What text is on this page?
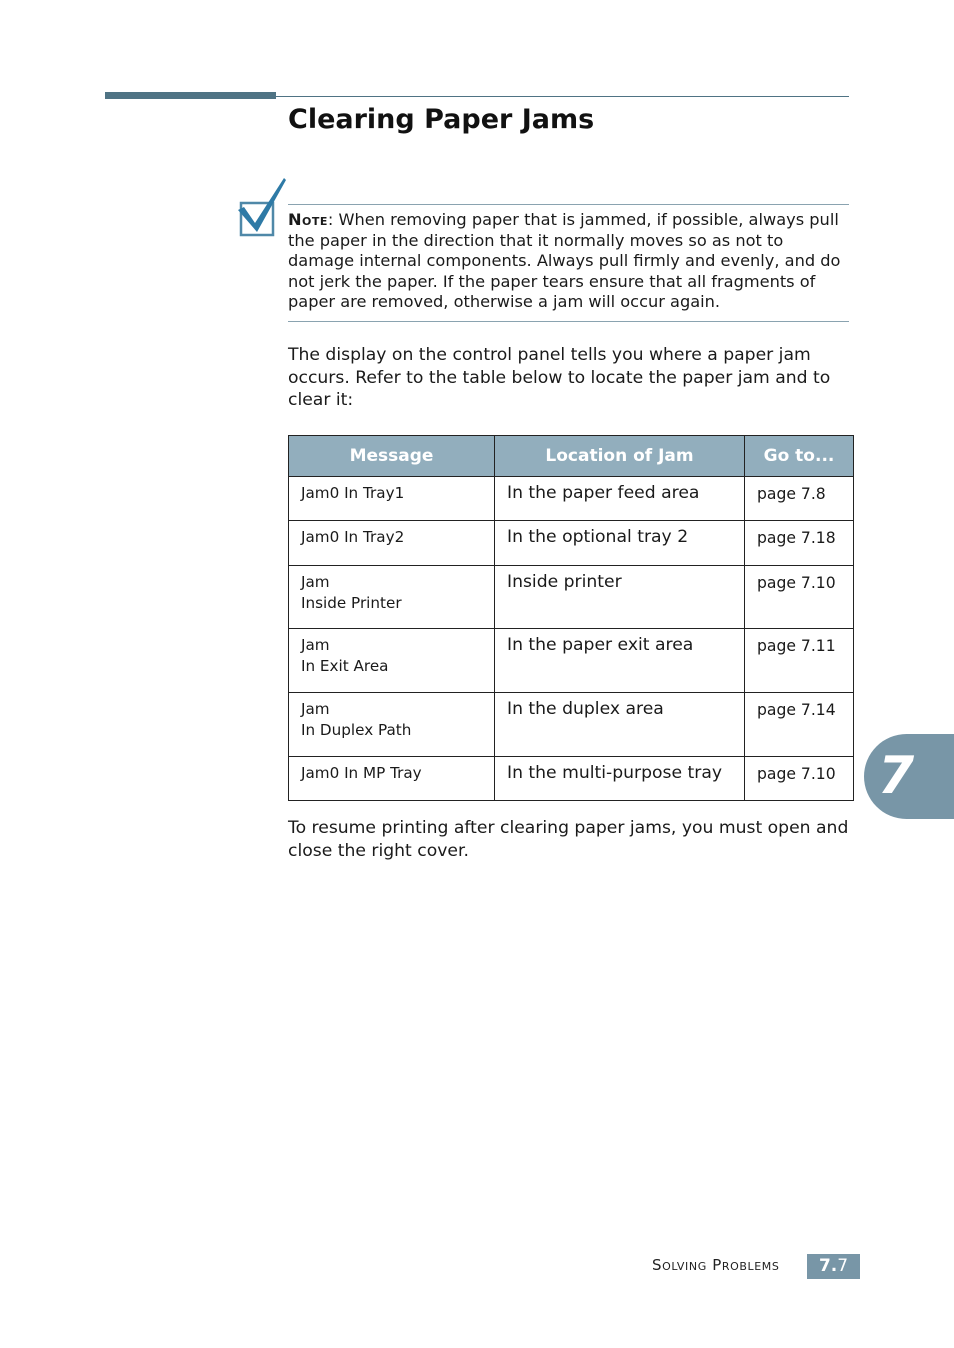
Clearing Paper Jams

Note: When removing paper that is jammed, if possible, always pull the paper in the direction that it normally moves so as not to damage internal components. Always pull firmly and evenly, and do not jerk the paper. If the paper tears ensure that all fragments of paper are removed, otherwise a jam will occur again.

The display on the control panel tells you where a paper jam occurs. Refer to the table below to locate the paper jam and to clear it:

Message	Location of Jam	Go to...

Jam0 In Tray1	In the paper feed area	page 7.8

Jam0 In Tray2	In the optional tray 2	page 7.18

Jam
Inside Printer	Inside printer	page 7.10

Jam
In Exit Area	In the paper exit area	page 7.11

Jam
In Duplex Path	In the duplex area	page 7.14

Jam0 In MP Tray	In the multi-purpose tray	page 7.10

To resume printing after clearing paper jams, you must open and close the right cover.

7
Solving Problems	7.7
